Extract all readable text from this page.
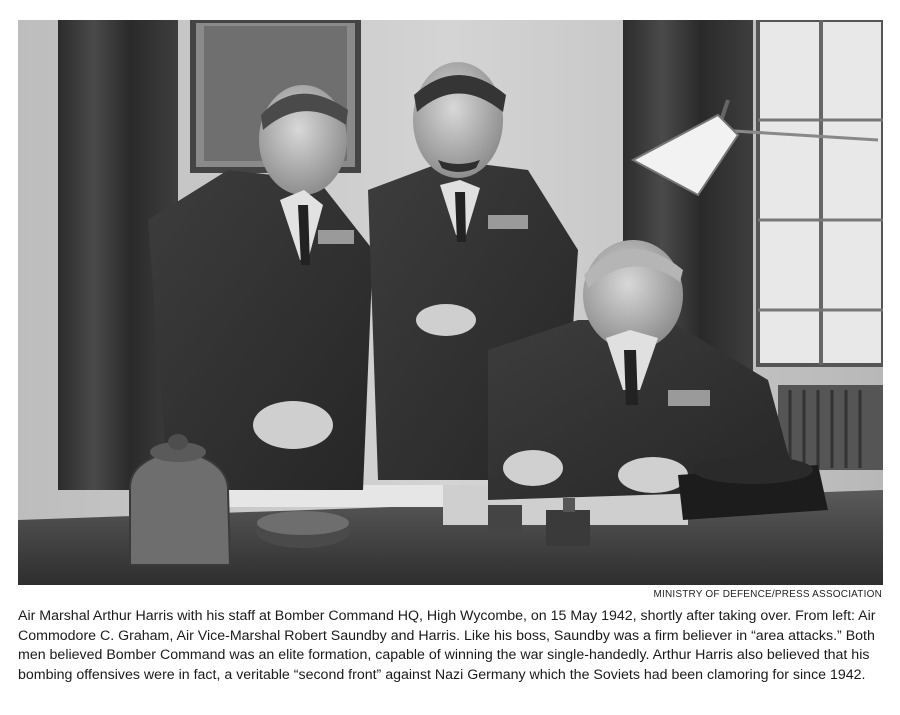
MINISTRY OF DEFENCE/PRESS ASSOCIATION
Air Marshal Arthur Harris with his staff at Bomber Command HQ, High Wycombe, on 15 May 1942, shortly after taking over. From left: Air Commodore C. Graham, Air Vice-Marshal Robert Saundby and Harris. Like his boss, Saundby was a firm believer in “area attacks.” Both men believed Bomber Command was an elite formation, capable of winning the war single-handedly. Arthur Harris also believed that his bombing offensives were in fact, a veritable “second front” against Nazi Germany which the Soviets had been clamoring for since 1942.
